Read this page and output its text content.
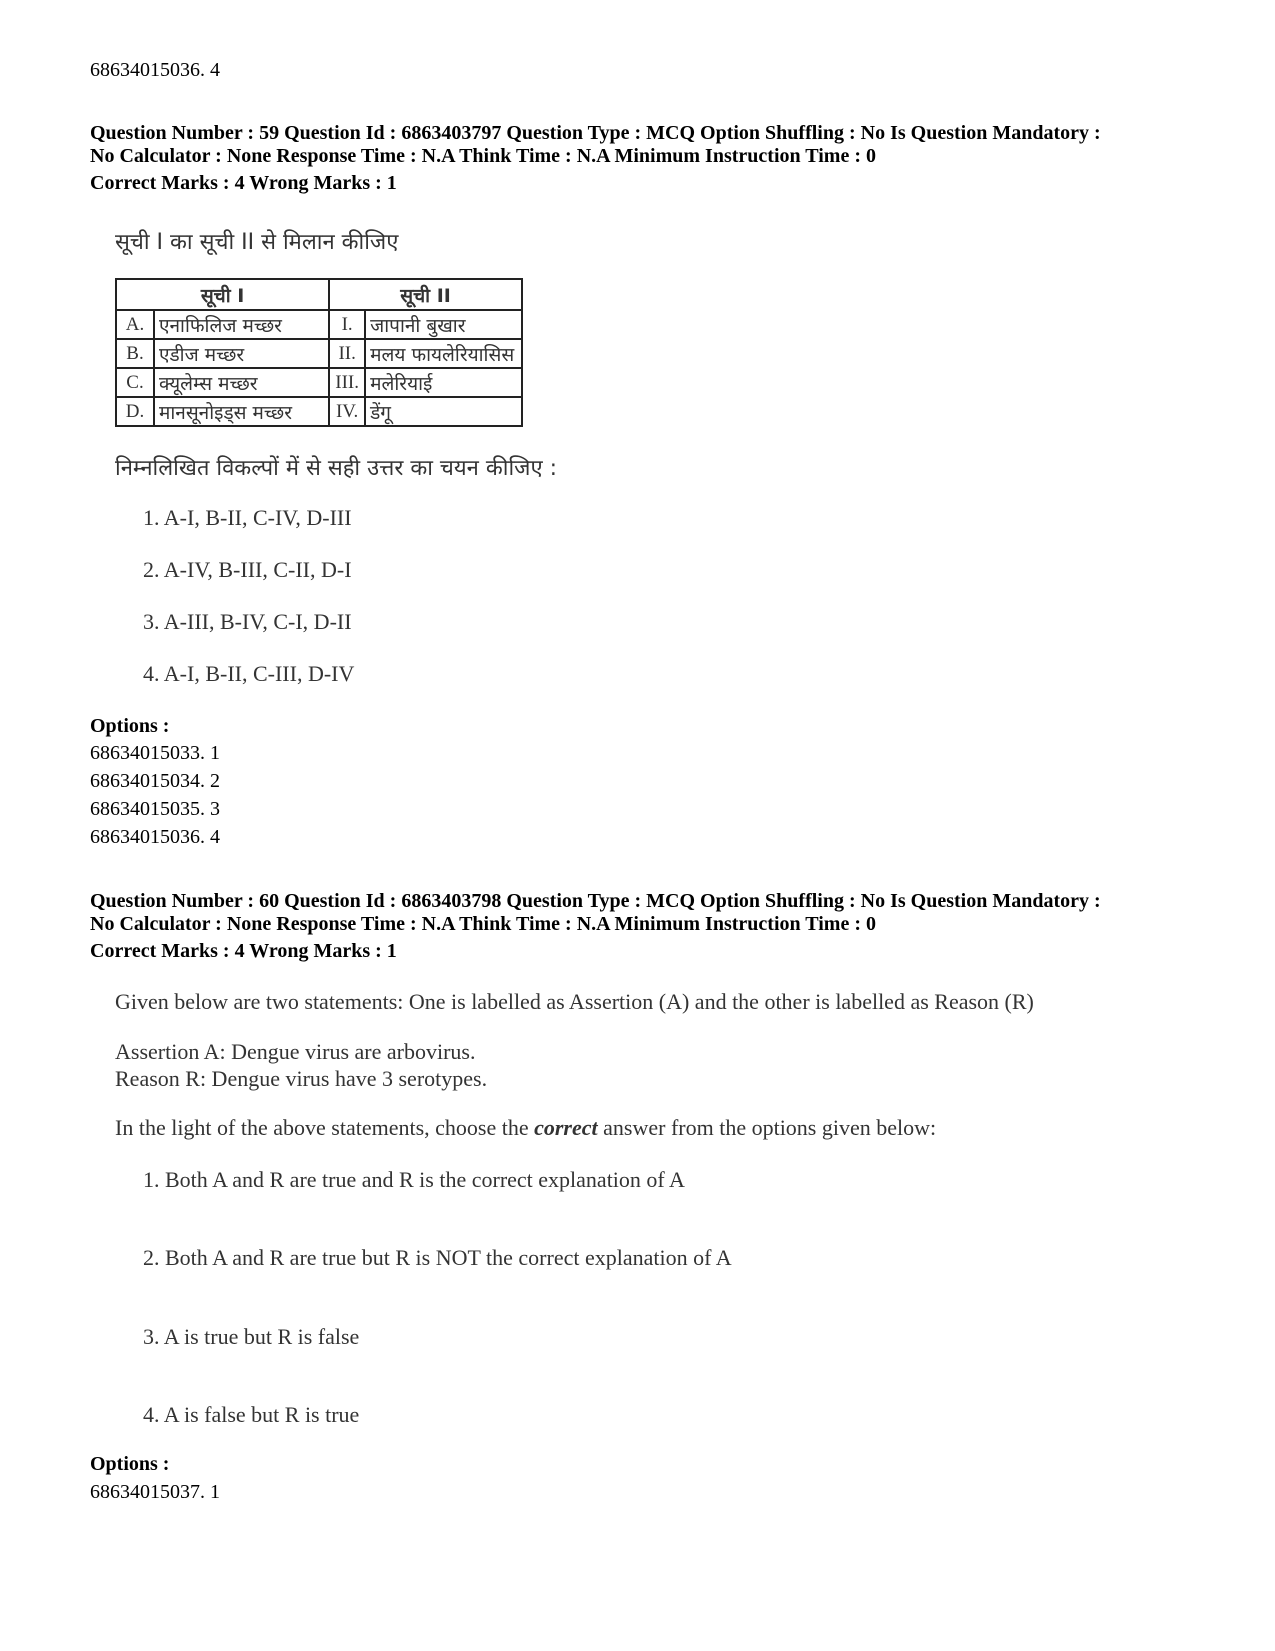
68634015036. 4
Question Number : 59 Question Id : 6863403797 Question Type : MCQ Option Shuffling : No Is Question Mandatory :
No Calculator : None Response Time : N.A Think Time : N.A Minimum Instruction Time : 0
Correct Marks : 4 Wrong Marks : 1
सूची I का सूची II से मिलान कीजिए
सूची I		सूची II	
A.	एनाफिलिज मच्छर	I.	जापानी बुखार
B.	एडीज मच्छर	II.	मलय फायलेरियासिस
C.	क्यूलेम्स मच्छर	III.	मलेरियाई
D.	मानसूनोइड्स मच्छर	IV.	डेंगू
निम्नलिखित विकल्पों में से सही उत्तर का चयन कीजिए :
1. A-I, B-II, C-IV, D-III
2. A-IV, B-III, C-II, D-I
3. A-III, B-IV, C-I, D-II
4. A-I, B-II, C-III, D-IV
Options :
68634015033. 1
68634015034. 2
68634015035. 3
68634015036. 4
Question Number : 60 Question Id : 6863403798 Question Type : MCQ Option Shuffling : No Is Question Mandatory :
No Calculator : None Response Time : N.A Think Time : N.A Minimum Instruction Time : 0
Correct Marks : 4 Wrong Marks : 1
Given below are two statements: One is labelled as Assertion (A) and the other is labelled as Reason (R)
Assertion A: Dengue virus are arbovirus.
Reason R: Dengue virus have 3 serotypes.
In the light of the above statements, choose the correct answer from the options given below:
1. Both A and R are true and R is the correct explanation of A
2. Both A and R are true but R is NOT the correct explanation of A
3. A is true but R is false
4. A is false but R is true
Options :
68634015037. 1
